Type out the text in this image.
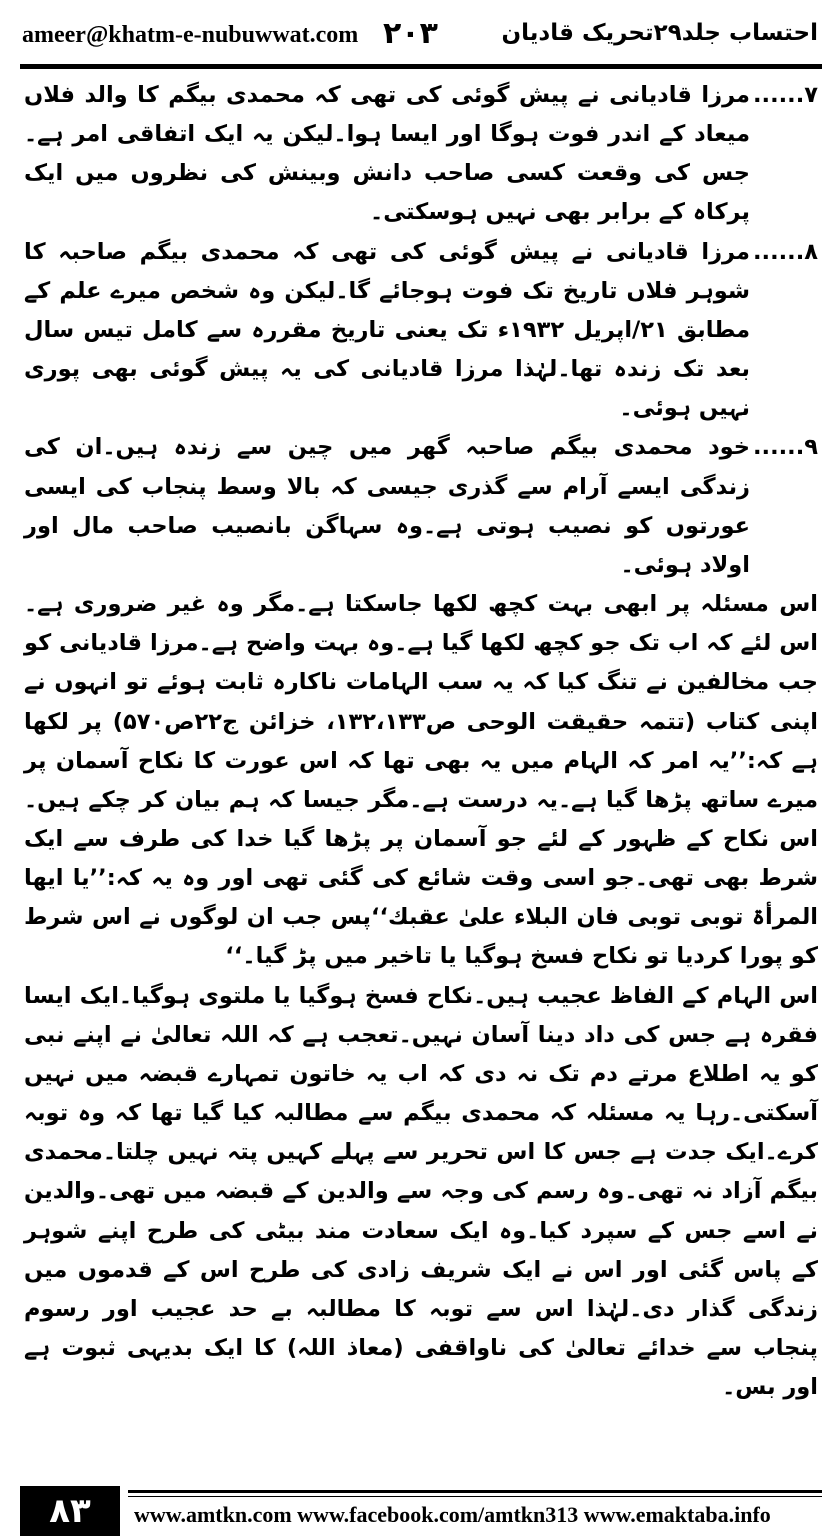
ameer@khatm-e-nubuwwat.com ۲۰۳	احتساب جلد۲۹تحریک قادیان
۷......
مرزا قادیانی نے پیش گوئی کی تھی کہ محمدی بیگم کا والد فلاں میعاد کے اندر فوت ہوگا اور ایسا ہوا۔لیکن یہ ایک اتفاقی امر ہے۔جس کی وقعت کسی صاحب دانش وبینش کی نظروں میں ایک پرکاہ کے برابر بھی نہیں ہوسکتی۔
۸......
مرزا قادیانی نے پیش گوئی کی تھی کہ محمدی بیگم صاحبہ کا شوہر فلاں تاریخ تک فوت ہوجائے گا۔لیکن وہ شخص میرے علم کے مطابق ۲۱/اپریل ۱۹۳۲ء تک یعنی تاریخ مقررہ سے کامل تیس سال بعد تک زندہ تھا۔لہٰذا مرزا قادیانی کی یہ پیش گوئی بھی پوری نہیں ہوئی۔
۹......
خود محمدی بیگم صاحبہ گھر میں چین سے زندہ ہیں۔ان کی زندگی ایسے آرام سے گذری جیسی کہ بالا وسط پنجاب کی ایسی عورتوں کو نصیب ہوتی ہے۔وہ سہاگن بانصیب صاحب مال اور اولاد ہوئی۔

اس مسئلہ پر ابھی بہت کچھ لکھا جاسکتا ہے۔مگر وہ غیر ضروری ہے۔اس لئے کہ اب تک جو کچھ لکھا گیا ہے۔وہ بہت واضح ہے۔مرزا قادیانی کو جب مخالفین نے تنگ کیا کہ یہ سب الہامات ناکارہ ثابت ہوئے تو انہوں نے اپنی کتاب (تتمہ حقیقت الوحی ص۱۳۲،۱۳۳، خزائن ج۲۲ص۵۷۰) پر لکھا ہے کہ:’’یہ امر کہ الہام میں یہ بھی تھا کہ اس عورت کا نکاح آسمان پر میرے ساتھ پڑھا گیا ہے۔یہ درست ہے۔مگر جیسا کہ ہم بیان کر چکے ہیں۔اس نکاح کے ظہور کے لئے جو آسمان پر پڑھا گیا خدا کی طرف سے ایک شرط بھی تھی۔جو اسی وقت شائع کی گئی تھی اور وہ یہ کہ:’’یا ایھا المرأۃ توبی توبی فان البلاء علیٰ عقبك‘‘پس جب ان لوگوں نے اس شرط کو پورا کردیا تو نکاح فسخ ہوگیا یا تاخیر میں پڑ گیا۔‘‘

اس الہام کے الفاظ عجیب ہیں۔نکاح فسخ ہوگیا یا ملتوی ہوگیا۔ایک ایسا فقرہ ہے جس کی داد دینا آسان نہیں۔تعجب ہے کہ اللہ تعالیٰ نے اپنے نبی کو یہ اطلاع مرتے دم تک نہ دی کہ اب یہ خاتون تمہارے قبضہ میں نہیں آسکتی۔رہا یہ مسئلہ کہ محمدی بیگم سے مطالبہ کیا گیا تھا کہ وہ توبہ کرے۔ایک جدت ہے جس کا اس تحریر سے پہلے کہیں پتہ نہیں چلتا۔محمدی بیگم آزاد نہ تھی۔وہ رسم کی وجہ سے والدین کے قبضہ میں تھی۔والدین نے اسے جس کے سپرد کیا۔وہ ایک سعادت مند بیٹی کی طرح اپنے شوہر کے پاس گئی اور اس نے ایک شریف زادی کی طرح اس کے قدموں میں زندگی گذار دی۔لہٰذا اس سے توبہ کا مطالبہ بے حد عجیب اور رسوم پنجاب سے خدائے تعالیٰ کی ناواقفی (معاذ اللہ) کا ایک بدیہی ثبوت ہے اور بس۔

۸۳	www.amtkn.com www.facebook.com/amtkn313 www.emaktaba.info
